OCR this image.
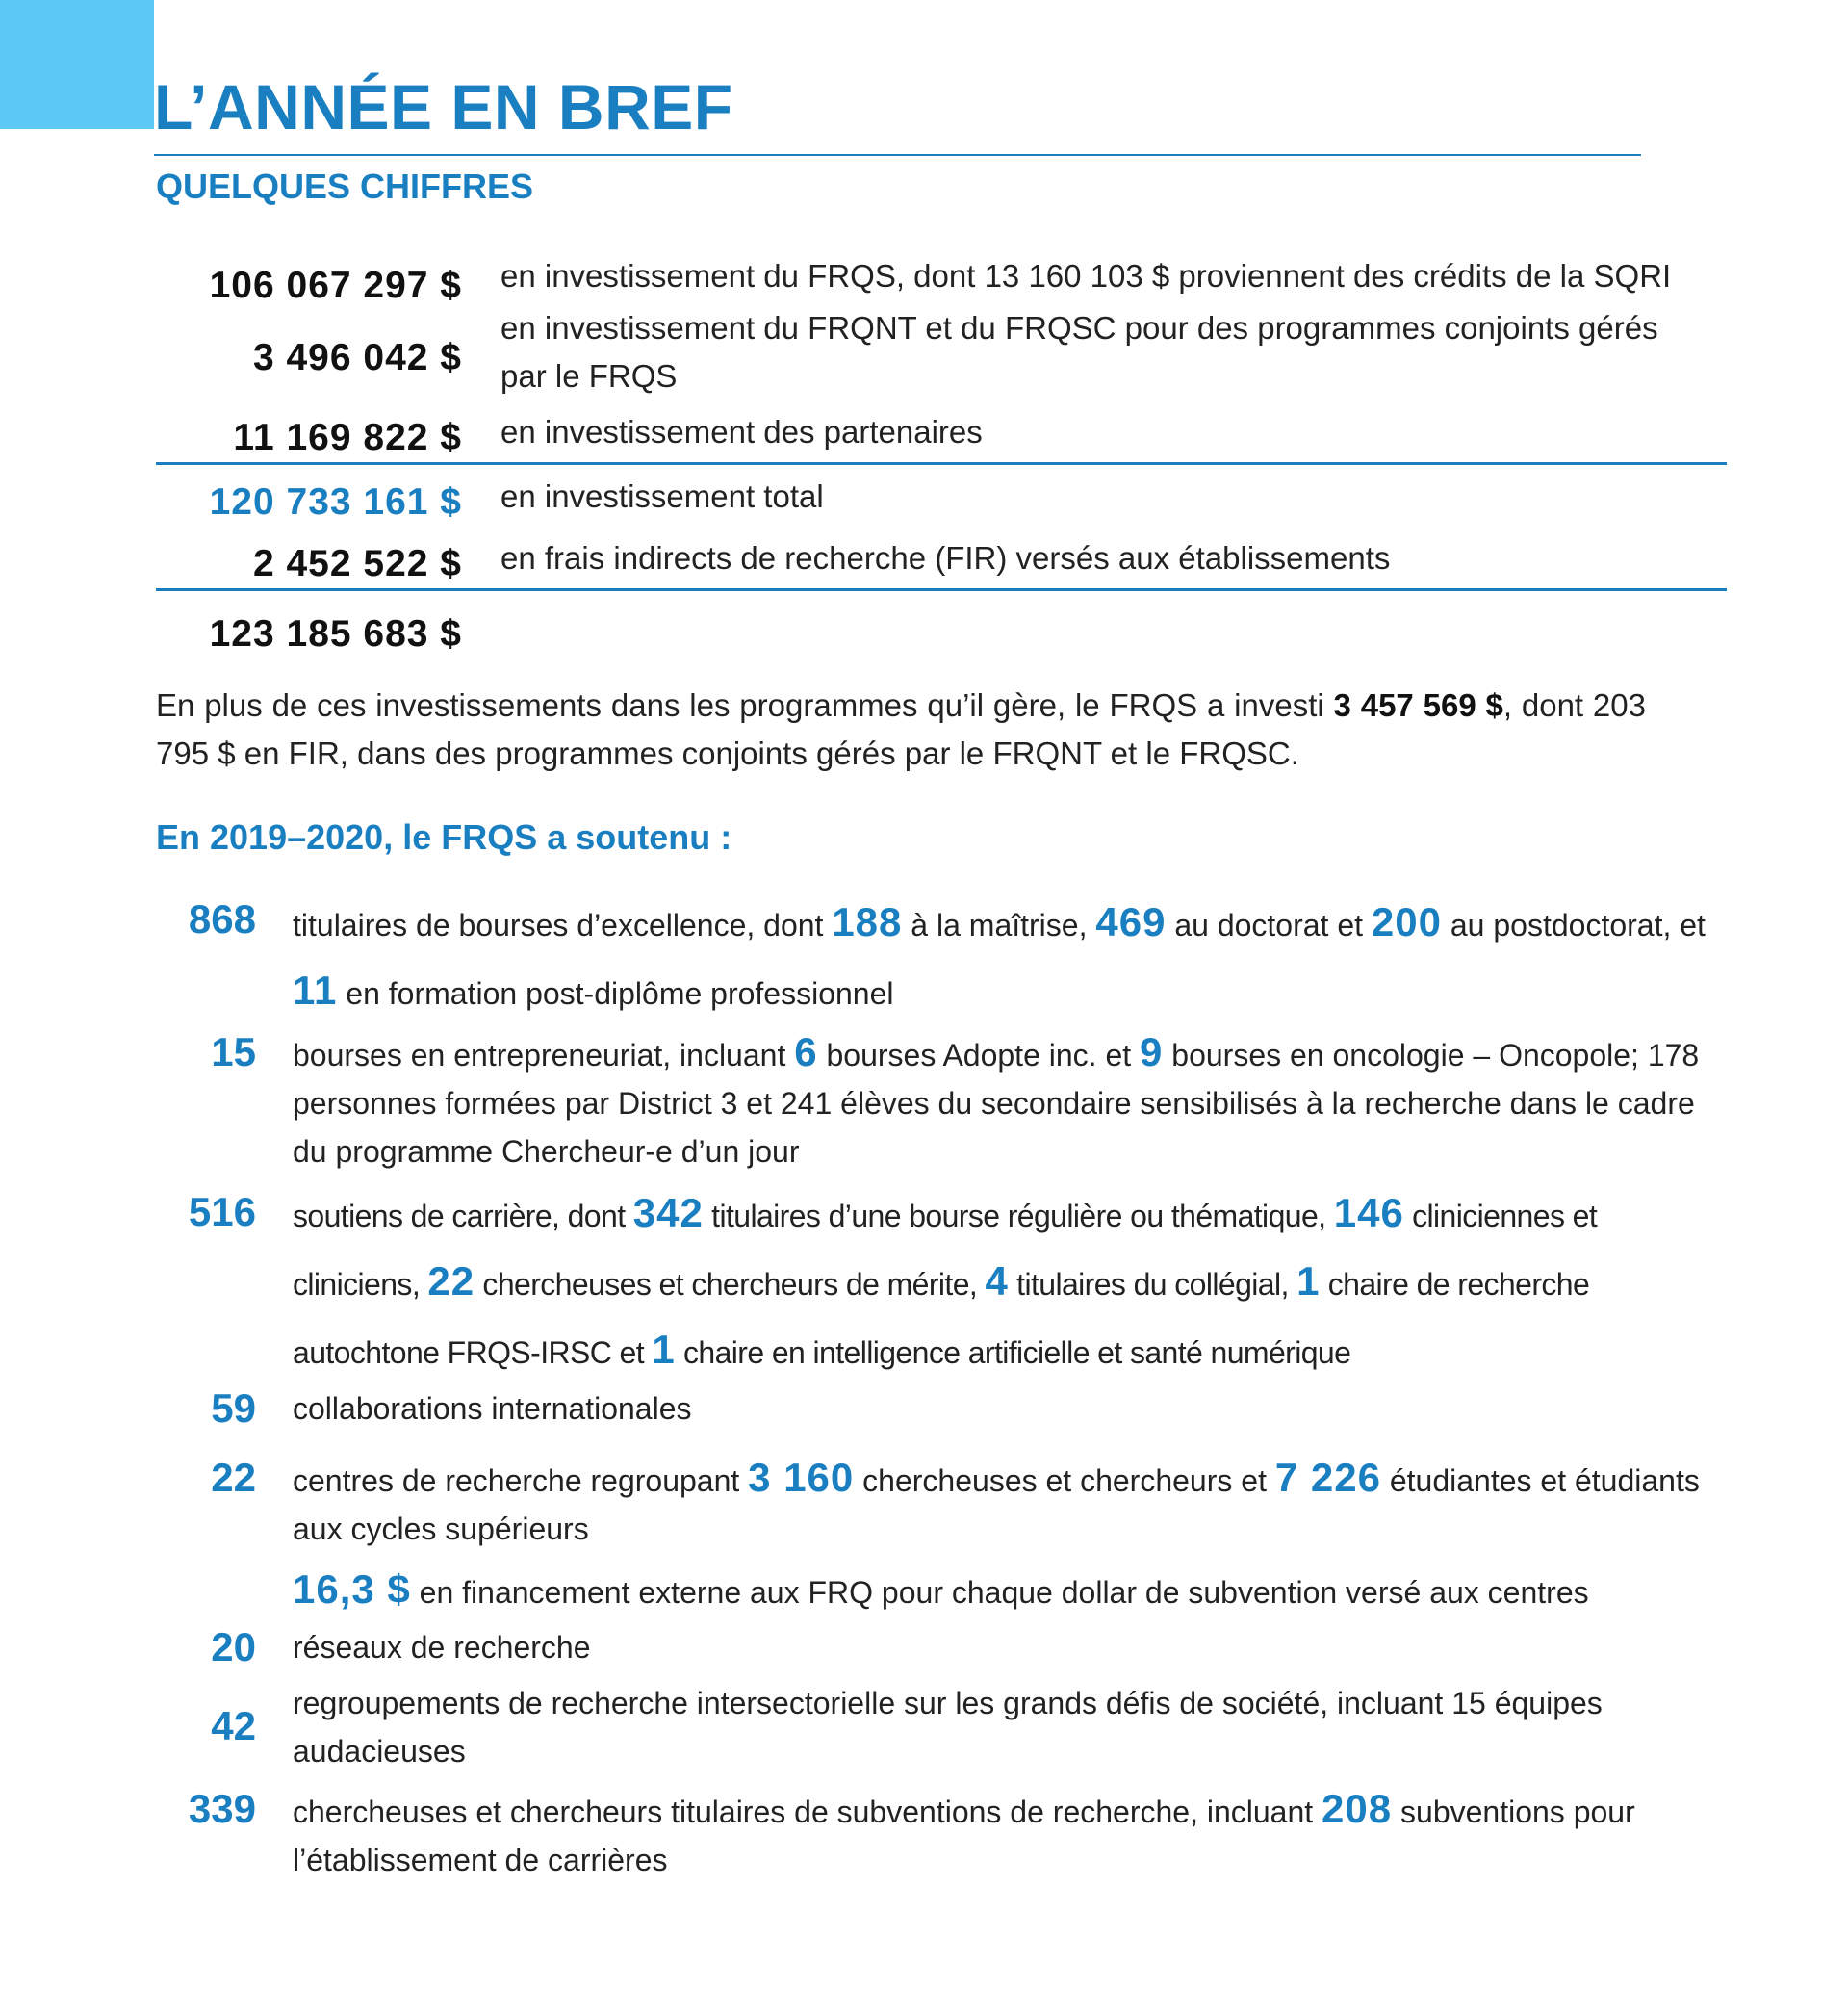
L’ANNÉE EN BREF
QUELQUES CHIFFRES
106 067 297 $ en investissement du FRQS, dont 13 160 103 $ proviennent des crédits de la SQRI
3 496 042 $
en investissement du FRQNT et du FRQSC pour des programmes conjoints gérés par le FRQS
11 169 822 $ en investissement des partenaires
120 733 161 $ en investissement total
2 452 522 $ en frais indirects de recherche (FIR) versés aux établissements
123 185 683 $

En plus de ces investissements dans les programmes qu’il gère, le FRQS a investi 3 457 569 $, dont 203 795 $ en FIR, dans des programmes conjoints gérés par le FRQNT et le FRQSC.

En 2019–2020, le FRQS a soutenu :
868 titulaires de bourses d’excellence, dont 188 à la maîtrise, 469 au doctorat et 200 au postdoctorat, et 11 en formation post-diplôme professionnel
15 bourses en entrepreneuriat, incluant 6 bourses Adopte inc. et 9 bourses en oncologie – Oncopole; 178 personnes formées par District 3 et 241 élèves du secondaire sensibilisés à la recherche dans le cadre du programme Chercheur-e d’un jour
516 soutiens de carrière, dont 342 titulaires d’une bourse régulière ou thématique, 146 cliniciennes et cliniciens, 22 chercheuses et chercheurs de mérite, 4 titulaires du collégial, 1 chaire de recherche autochtone FRQS-IRSC et 1 chaire en intelligence artificielle et santé numérique
59 collaborations internationales
22 centres de recherche regroupant 3 160 chercheuses et chercheurs et 7 226 étudiantes et étudiants aux cycles supérieurs
16,3 $ en financement externe aux FRQ pour chaque dollar de subvention versé aux centres
20 réseaux de recherche
42 regroupements de recherche intersectorielle sur les grands défis de société, incluant 15 équipes audacieuses
339 chercheuses et chercheurs titulaires de subventions de recherche, incluant 208 subventions pour l’établissement de carrières
